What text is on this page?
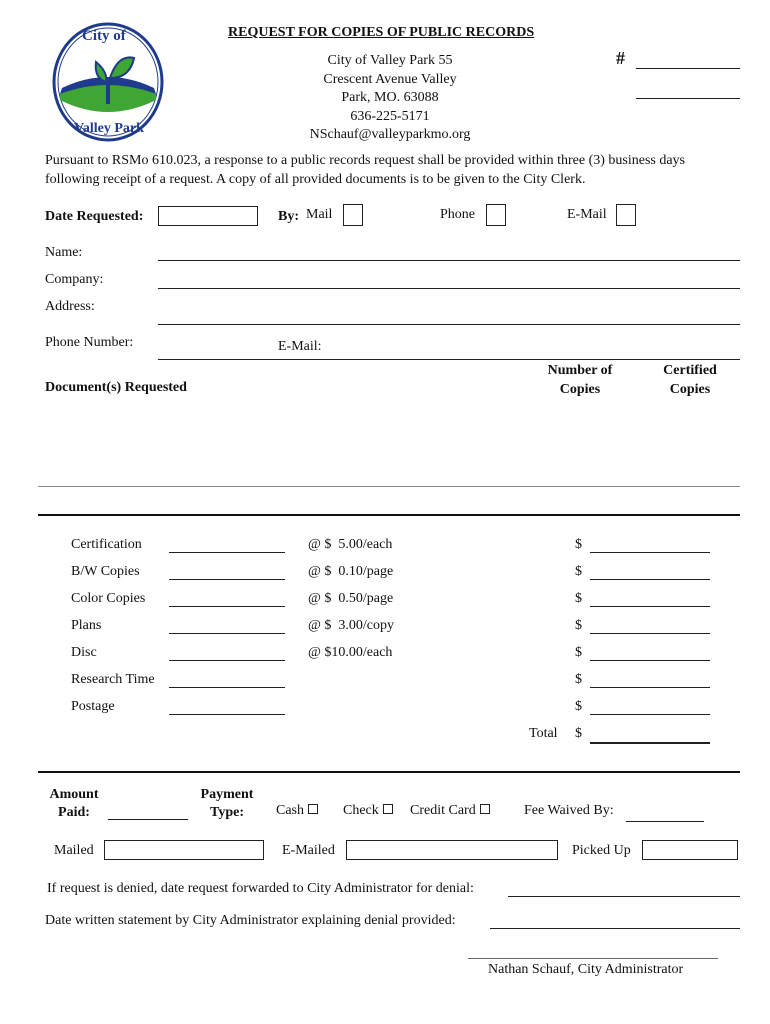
City of
Valley Park
REQUEST FOR COPIES OF PUBLIC RECORDS
City of Valley Park 55
Crescent Avenue Valley
Park, MO. 63088
636-225-5171
NSchauf@valleyparkmo.org
#
Pursuant to RSMo 610.023, a response to a public records request shall be provided within three (3) business days
following receipt of a request. A copy of all provided documents is to be given to the City Clerk.
Date Requested:	By: Mail	Phone	E-Mail
Name:
Company:
Address:
Phone Number:	E-Mail:
Document(s) Requested
Number of
Copies
Certified
Copies
Certification	@ $  5.00/each	$
B/W Copies	@ $  0.10/page	$
Color Copies	@ $  0.50/page	$
Plans	@ $  3.00/copy	$
Disc	@ $10.00/each	$
Research Time	$
Postage	$
Total $
Amount
Paid:
Payment
Type:	Cash	Check	Credit Card	Fee Waived By:
Mailed	E-Mailed	Picked Up
If request is denied, date request forwarded to City Administrator for denial:
Date written statement by City Administrator explaining denial provided:
Nathan Schauf, City Administrator
